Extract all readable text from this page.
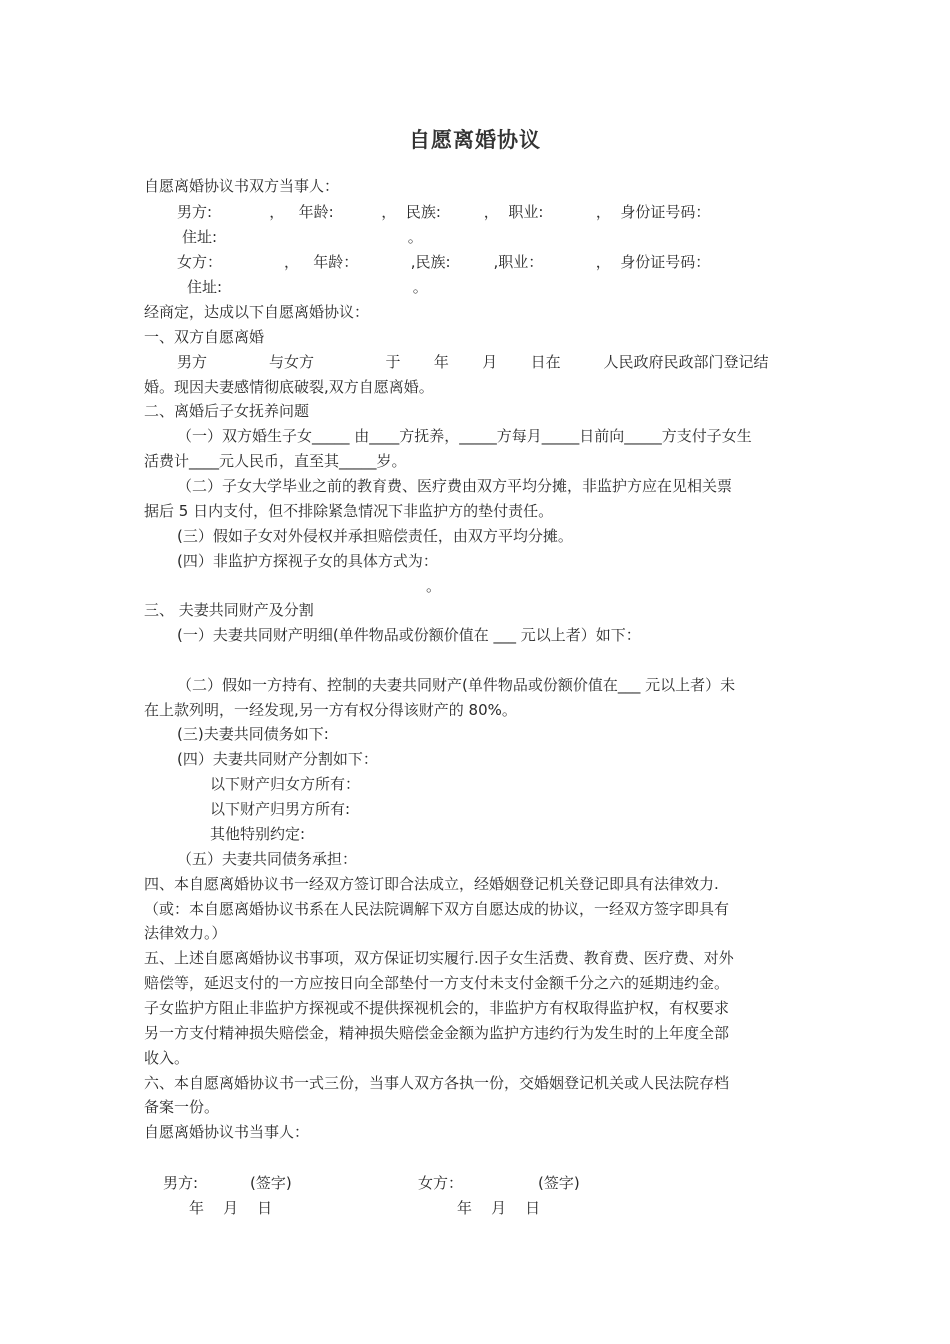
自愿离婚协议
自愿离婚协议书双方当事人：
男方:            ，   年龄:          ，  民族:         ，  职业:           ，  身份证号码：
住址:                                        。
女方：             ，   年龄：           ,民族:         ,职业：           ，  身份证号码：
住址:                                        。
经商定，达成以下自愿离婚协议：
一、双方自愿离婚
男方             与女方               于       年       月       日在         人民政府民政部门登记结
婚。现因夫妻感情彻底破裂,双方自愿离婚。
二、离婚后子女抚养问题
（一）双方婚生子女_____ 由____方抚养，_____方每月_____日前向_____方支付子女生
活费计____元人民币，直至其_____岁。
（二）子女大学毕业之前的教育费、医疗费由双方平均分摊，非监护方应在见相关票
据后 5 日内支付，但不排除紧急情况下非监护方的垫付责任。
(三）假如子女对外侵权并承担赔偿责任，由双方平均分摊。
(四）非监护方探视子女的具体方式为：
。
三、 夫妻共同财产及分割
(一）夫妻共同财产明细(单件物品或份额价值在 ___ 元以上者）如下：
（二）假如一方持有、控制的夫妻共同财产(单件物品或份额价值在___ 元以上者）未
在上款列明，一经发现,另一方有权分得该财产的 80%。
(三)夫妻共同债务如下:
(四）夫妻共同财产分割如下：
以下财产归女方所有：
以下财产归男方所有:
其他特别约定:
（五）夫妻共同债务承担：
四、本自愿离婚协议书一经双方签订即合法成立，经婚姻登记机关登记即具有法律效力.
（或：本自愿离婚协议书系在人民法院调解下双方自愿达成的协议，一经双方签字即具有
法律效力。）
五、上述自愿离婚协议书事项，双方保证切实履行.因子女生活费、教育费、医疗费、对外
赔偿等，延迟支付的一方应按日向全部垫付一方支付未支付金额千分之六的延期违约金。
子女监护方阻止非监护方探视或不提供探视机会的，非监护方有权取得监护权，有权要求
另一方支付精神损失赔偿金，精神损失赔偿金金额为监护方违约行为发生时的上年度全部
收入。
六、本自愿离婚协议书一式三份，当事人双方各执一份，交婚姻登记机关或人民法院存档
备案一份。
自愿离婚协议书当事人：
男方:	(签字)	女方：	(签字)
年    月    日	年    月    日
